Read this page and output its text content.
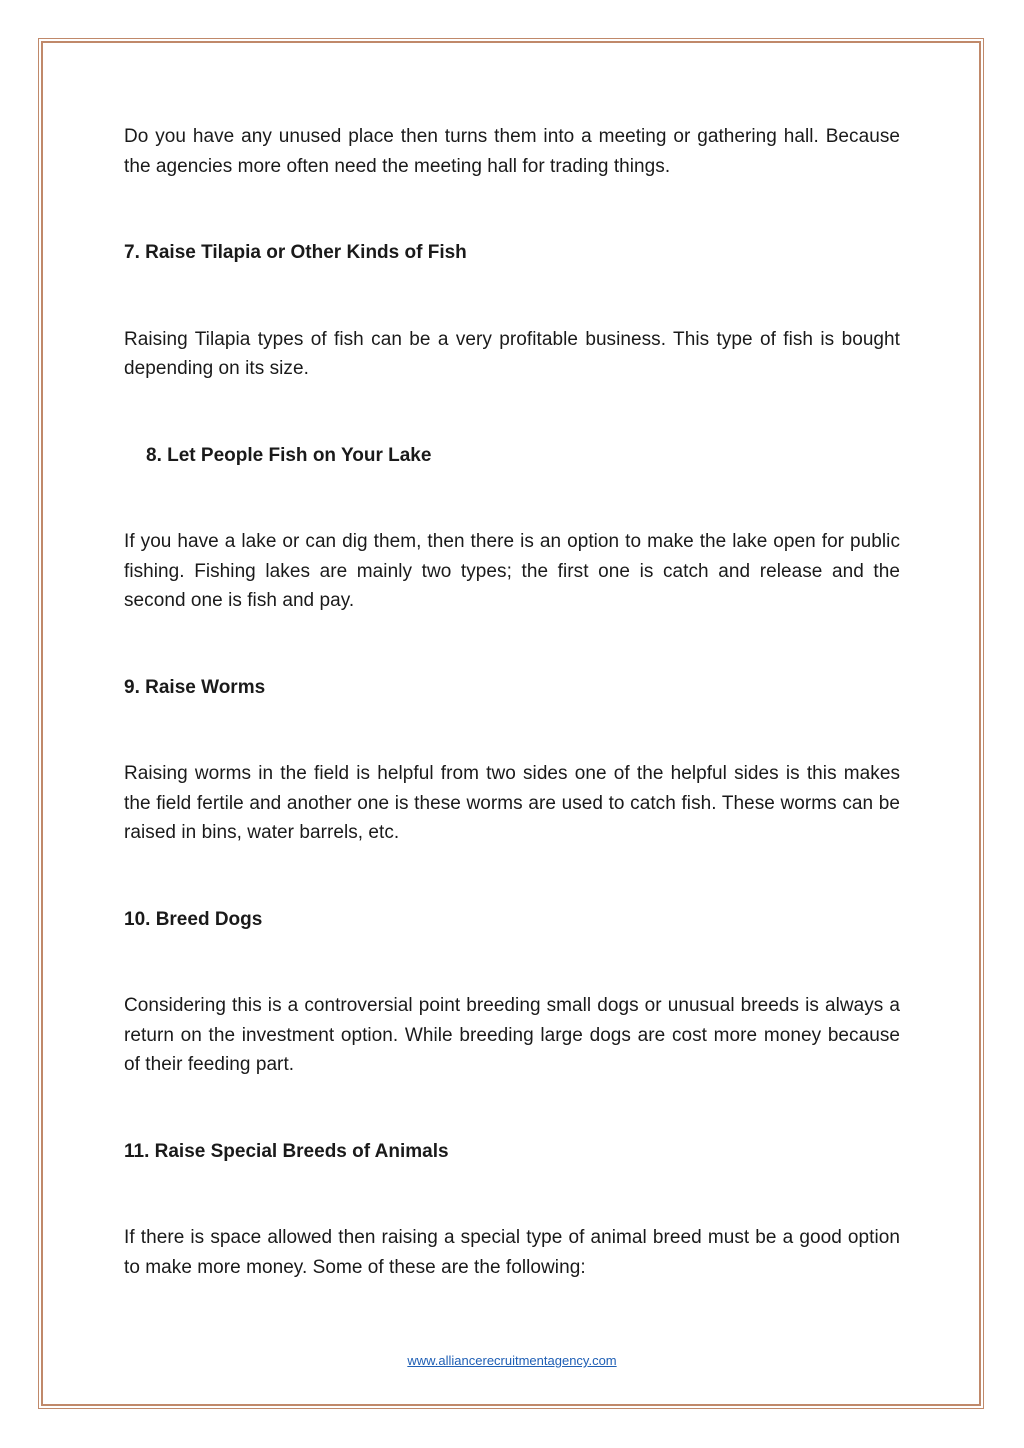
Do you have any unused place then turns them into a meeting or gathering hall. Because the agencies more often need the meeting hall for trading things.

7. Raise Tilapia or Other Kinds of Fish

Raising Tilapia types of fish can be a very profitable business. This type of fish is bought depending on its size.

8. Let People Fish on Your Lake

If you have a lake or can dig them, then there is an option to make the lake open for public fishing. Fishing lakes are mainly two types; the first one is catch and release and the second one is fish and pay.

9. Raise Worms

Raising worms in the field is helpful from two sides one of the helpful sides is this makes the field fertile and another one is these worms are used to catch fish. These worms can be raised in bins, water barrels, etc.

10. Breed Dogs

Considering this is a controversial point breeding small dogs or unusual breeds is always a return on the investment option. While breeding large dogs are cost more money because of their feeding part.

11. Raise Special Breeds of Animals

If there is space allowed then raising a special type of animal breed must be a good option to make more money. Some of these are the following:

www.alliancerecruitmentagency.com
